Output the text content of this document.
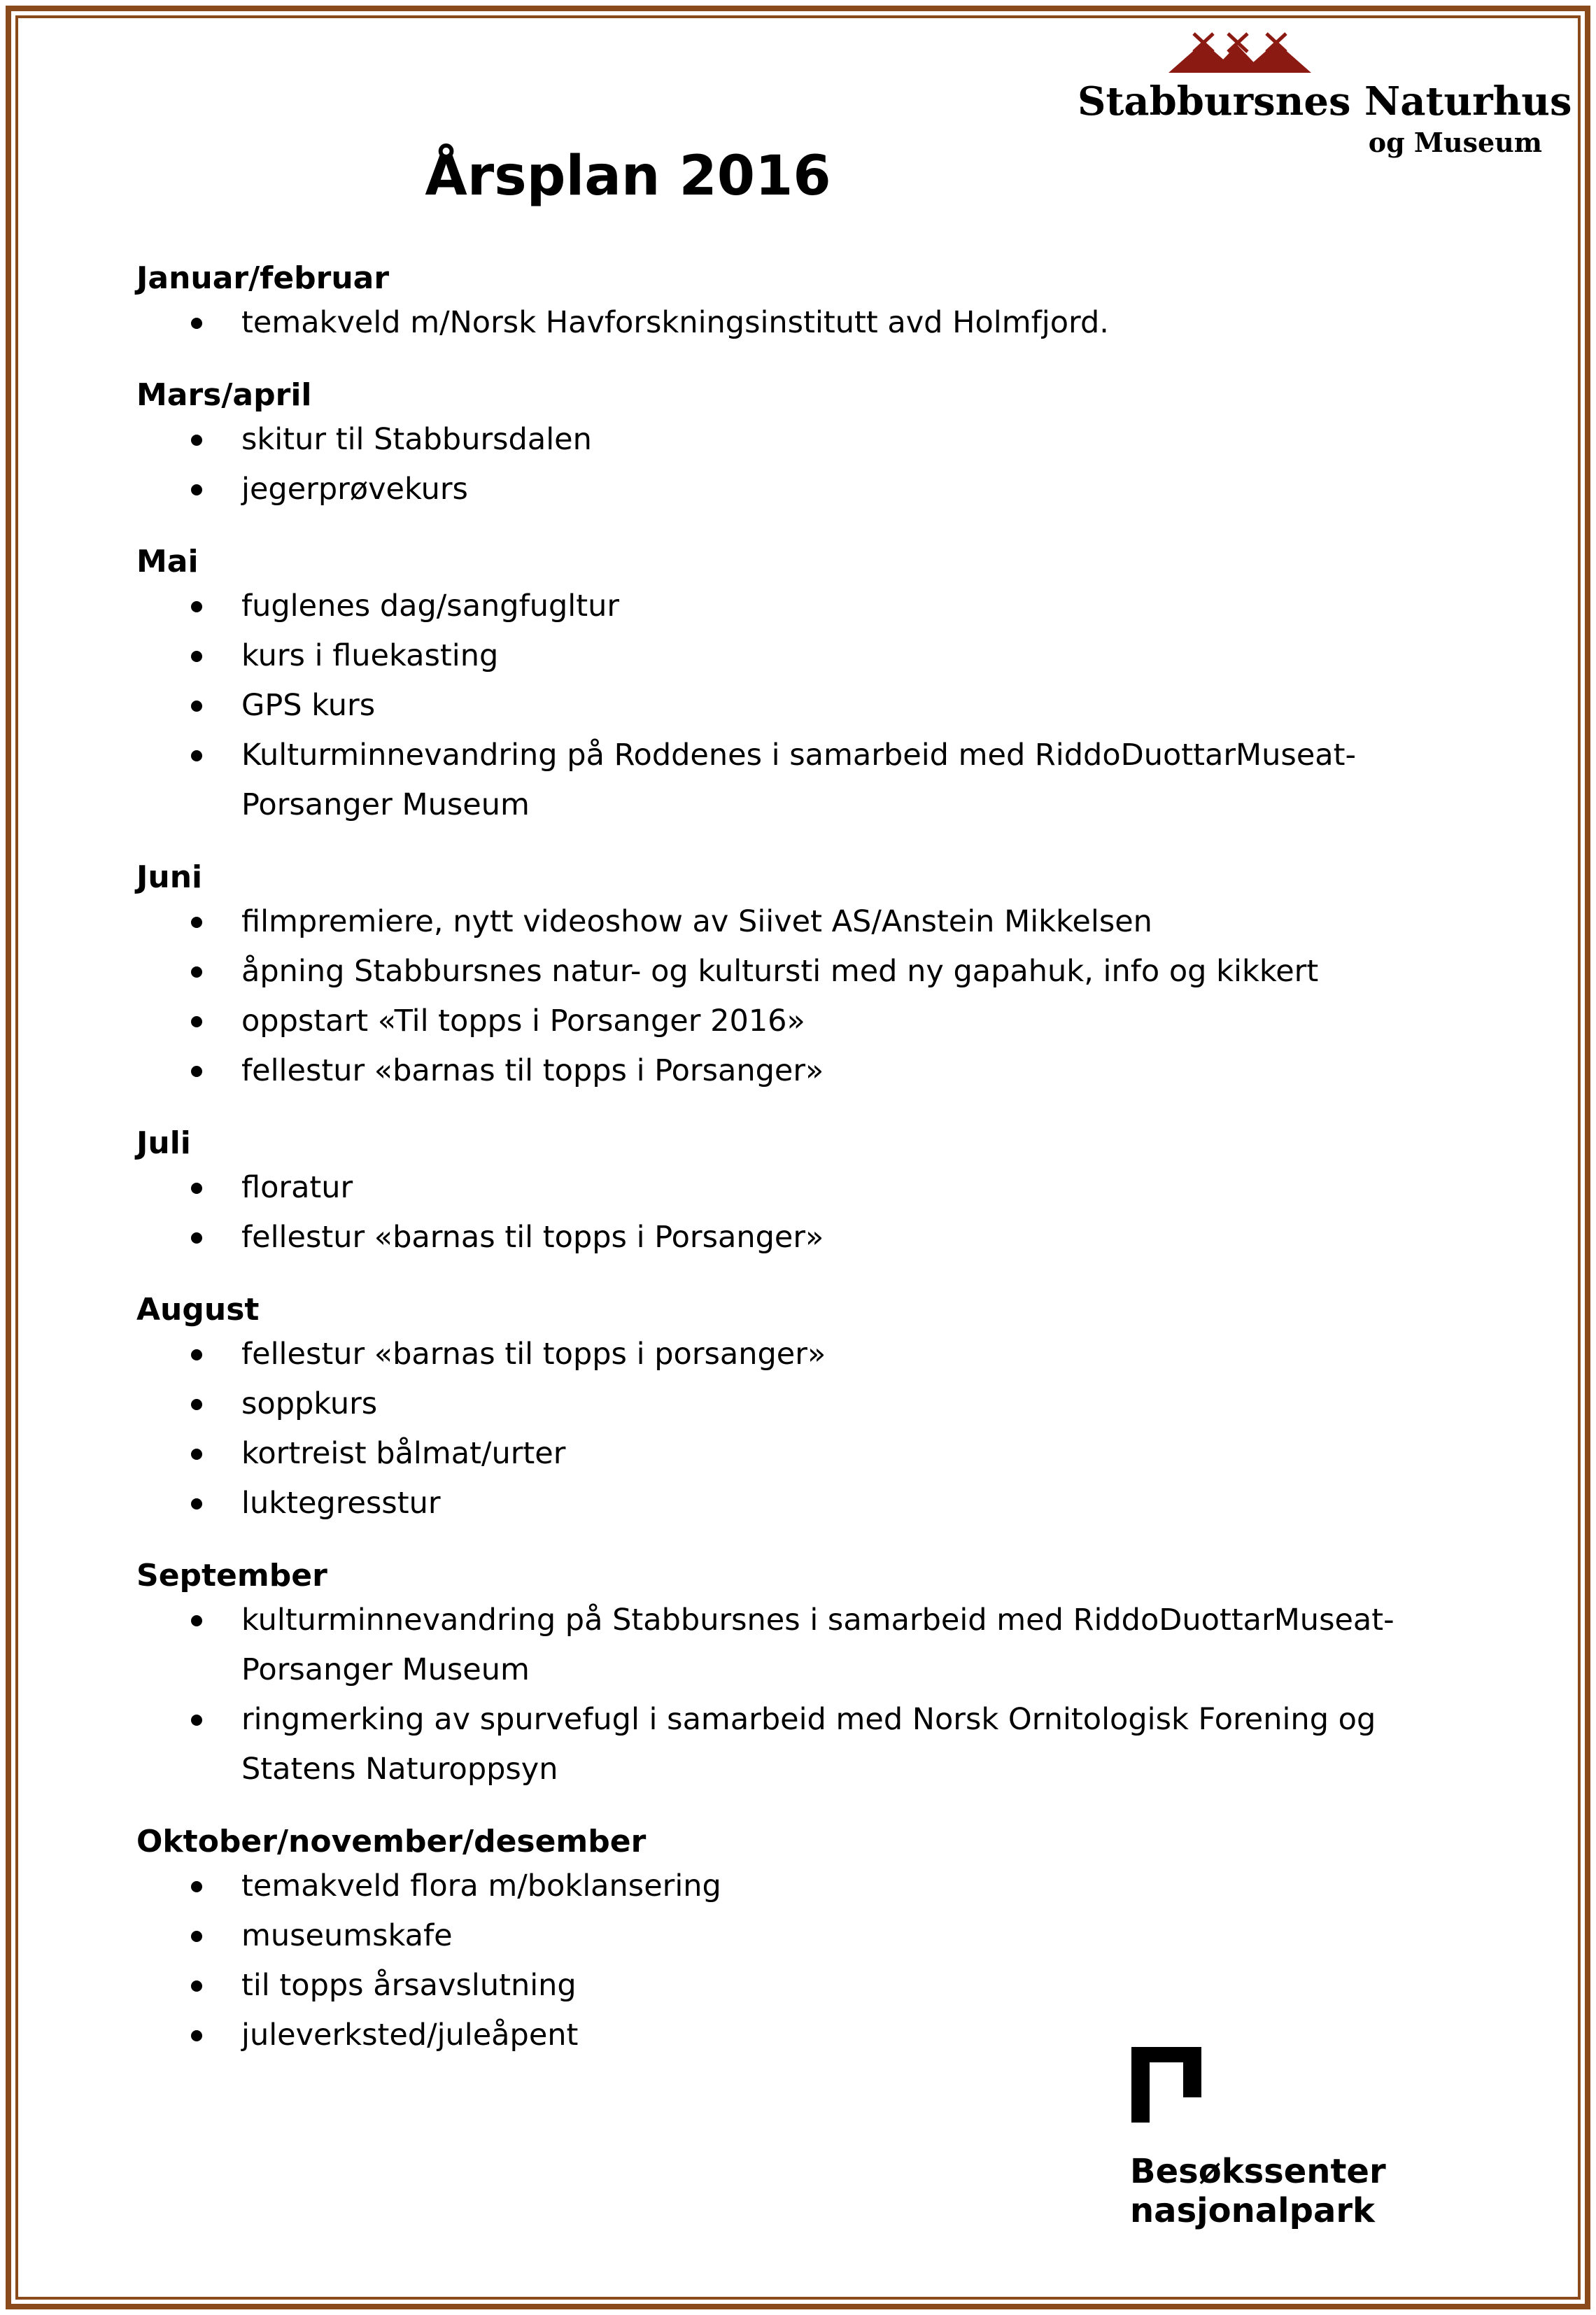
Stabbursnes Naturhus
og Museum
Årsplan 2016
Januar/februar
temakveld m/Norsk Havforskningsinstitutt avd Holmfjord.
Mars/april
skitur til Stabbursdalen
jegerprøvekurs
Mai
fuglenes dag/sangfugltur
kurs i fluekasting
GPS kurs
Kulturminnevandring på Roddenes i samarbeid med RiddoDuottarMuseat-Porsanger Museum
Juni
filmpremiere, nytt videoshow av Siivet AS/Anstein Mikkelsen
åpning Stabbursnes natur- og kultursti med ny gapahuk, info og kikkert
oppstart «Til topps i Porsanger 2016»
fellestur «barnas til topps i Porsanger»
Juli
floratur
fellestur «barnas til topps i Porsanger»
August
fellestur «barnas til topps i porsanger»
soppkurs
kortreist bålmat/urter
luktegresstur
September
kulturminnevandring på Stabbursnes i samarbeid med RiddoDuottarMuseat-Porsanger Museum
ringmerking av spurvefugl i samarbeid med Norsk Ornitologisk Forening og Statens Naturoppsyn
Oktober/november/desember
temakveld flora m/boklansering
museumskafe
til topps årsavslutning
juleverksted/juleåpent
Besøkssenter
nasjonalpark
